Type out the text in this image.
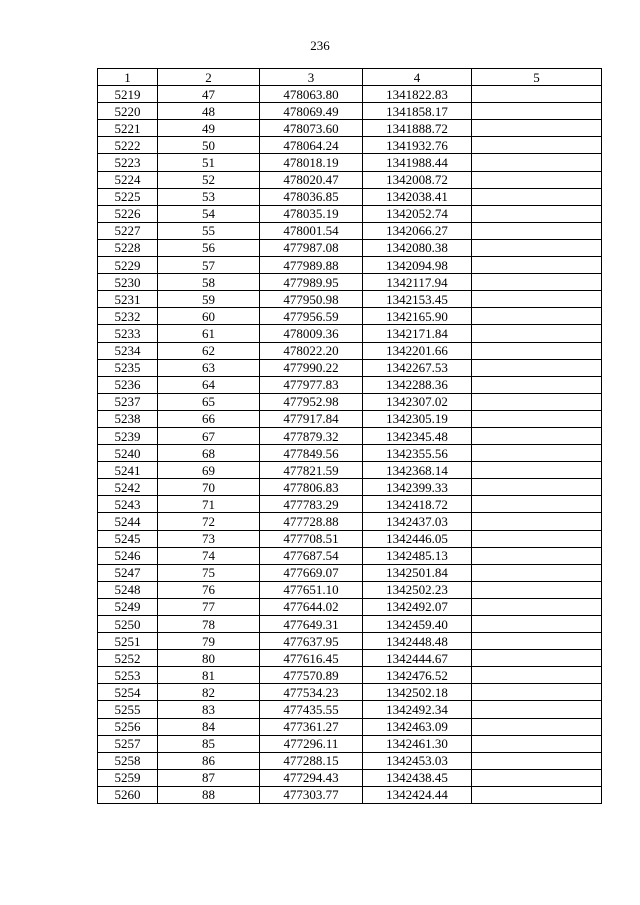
236
1	2	3	4	5
5219	47	478063.80	1341822.83	
5220	48	478069.49	1341858.17	
5221	49	478073.60	1341888.72	
5222	50	478064.24	1341932.76	
5223	51	478018.19	1341988.44	
5224	52	478020.47	1342008.72	
5225	53	478036.85	1342038.41	
5226	54	478035.19	1342052.74	
5227	55	478001.54	1342066.27	
5228	56	477987.08	1342080.38	
5229	57	477989.88	1342094.98	
5230	58	477989.95	1342117.94	
5231	59	477950.98	1342153.45	
5232	60	477956.59	1342165.90	
5233	61	478009.36	1342171.84	
5234	62	478022.20	1342201.66	
5235	63	477990.22	1342267.53	
5236	64	477977.83	1342288.36	
5237	65	477952.98	1342307.02	
5238	66	477917.84	1342305.19	
5239	67	477879.32	1342345.48	
5240	68	477849.56	1342355.56	
5241	69	477821.59	1342368.14	
5242	70	477806.83	1342399.33	
5243	71	477783.29	1342418.72	
5244	72	477728.88	1342437.03	
5245	73	477708.51	1342446.05	
5246	74	477687.54	1342485.13	
5247	75	477669.07	1342501.84	
5248	76	477651.10	1342502.23	
5249	77	477644.02	1342492.07	
5250	78	477649.31	1342459.40	
5251	79	477637.95	1342448.48	
5252	80	477616.45	1342444.67	
5253	81	477570.89	1342476.52	
5254	82	477534.23	1342502.18	
5255	83	477435.55	1342492.34	
5256	84	477361.27	1342463.09	
5257	85	477296.11	1342461.30	
5258	86	477288.15	1342453.03	
5259	87	477294.43	1342438.45	
5260	88	477303.77	1342424.44	
